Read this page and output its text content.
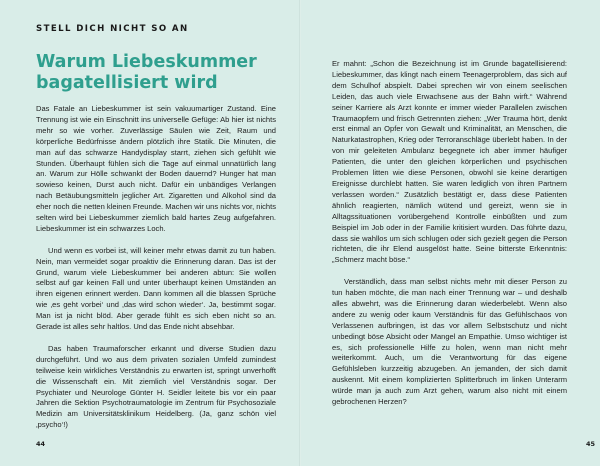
STELL DICH NICHT SO AN
Warum Liebeskummer bagatellisiert wird

Das Fatale an Liebeskummer ist sein vakuumartiger Zustand. Eine Trennung ist wie ein Einschnitt ins universelle Gefüge: Ab hier ist nichts mehr so wie vorher. Zuverlässige Säulen wie Zeit, Raum und körperliche Bedürfnisse ändern plötzlich ihre Statik. Die Minuten, die man auf das schwarze Handydisplay starrt, ziehen sich gefühlt wie Stunden. Überhaupt fühlen sich die Tage auf einmal unnatürlich lang an. Warum zur Hölle schwankt der Boden dauernd? Hunger hat man sowieso keinen, Durst auch nicht. Dafür ein unbändiges Verlangen nach Betäubungsmitteln jeglicher Art. Zigaretten und Alkohol sind da eher noch die netten kleinen Freunde. Machen wir uns nichts vor, nichts selten wird bei Liebeskummer ziemlich bald hartes Zeug aufgefahren. Liebeskummer ist ein schwarzes Loch.

Und wenn es vorbei ist, will keiner mehr etwas damit zu tun haben. Nein, man vermeidet sogar proaktiv die Erinnerung daran. Das ist der Grund, warum viele Liebeskummer bei anderen abtun: Sie wollen selbst auf gar keinen Fall und unter überhaupt keinen Umständen an ihren eigenen erinnert werden. Dann kommen all die blassen Sprüche wie ‚es geht vorbei‘ und ‚das wird schon wieder‘. Ja, bestimmt sogar. Man ist ja nicht blöd. Aber gerade fühlt es sich eben nicht so an. Gerade ist alles sehr haltlos. Und das Ende nicht absehbar.

Das haben Traumaforscher erkannt und diverse Studien dazu durchgeführt. Und wo aus dem privaten sozialen Umfeld zumindest teilweise kein wirkliches Verständnis zu erwarten ist, springt unverhofft die Wissenschaft ein. Mit ziemlich viel Verständnis sogar. Der Psychiater und Neurologe Günter H. Seidler leitete bis vor ein paar Jahren die Sektion Psychotraumatologie im Zentrum für Psychosoziale Medizin am Universitätsklinikum Heidelberg. (Ja, ganz schön viel ‚psycho‘!)

44

Er mahnt: „Schon die Bezeichnung ist im Grunde bagatellisierend: Liebeskummer, das klingt nach einem Teenagerproblem, das sich auf dem Schulhof abspielt. Dabei sprechen wir von einem seelischen Leiden, das auch viele Erwachsene aus der Bahn wirft.“ Während seiner Karriere als Arzt konnte er immer wieder Parallelen zwischen Traumaopfern und frisch Getrennten ziehen: „Wer Trauma hört, denkt erst einmal an Opfer von Gewalt und Kriminalität, an Menschen, die Naturkatastrophen, Krieg oder Terroranschläge überlebt haben. In der von mir geleiteten Ambulanz begegnete ich aber immer häufiger Patienten, die unter den gleichen körperlichen und psychischen Problemen litten wie diese Personen, obwohl sie keine derartigen Ereignisse durchlebt hatten. Sie waren lediglich von ihren Partnern verlassen worden.“ Zusätzlich bestätigt er, dass diese Patienten ähnlich reagierten, nämlich wütend und gereizt, wenn sie in Alltagssituationen vorübergehend Kontrolle einbüßten und zum Beispiel im Job oder in der Familie kritisiert wurden. Das führte dazu, dass sie wahllos um sich schlugen oder sich gezielt gegen die Person richteten, die ihr Elend ausgelöst hatte. Seine bitterste Erkenntnis: „Schmerz macht böse.“

Verständlich, dass man selbst nichts mehr mit dieser Person zu tun haben möchte, die man nach einer Trennung war – und deshalb alles abwehrt, was die Erinnerung daran wiederbelebt. Wenn also andere zu wenig oder kaum Verständnis für das Gefühlschaos von Verlassenen aufbringen, ist das vor allem Selbstschutz und nicht unbedingt böse Absicht oder Mangel an Empathie. Umso wichtiger ist es, sich professionelle Hilfe zu holen, wenn man nicht mehr weiterkommt. Auch, um die Verantwortung für das eigene Gefühlsleben kurzzeitig abzugeben. An jemanden, der sich damit auskennt. Mit einem komplizierten Splitterbruch im linken Unterarm würde man ja auch zum Arzt gehen, warum also nicht mit einem gebrochenen Herzen?

45
